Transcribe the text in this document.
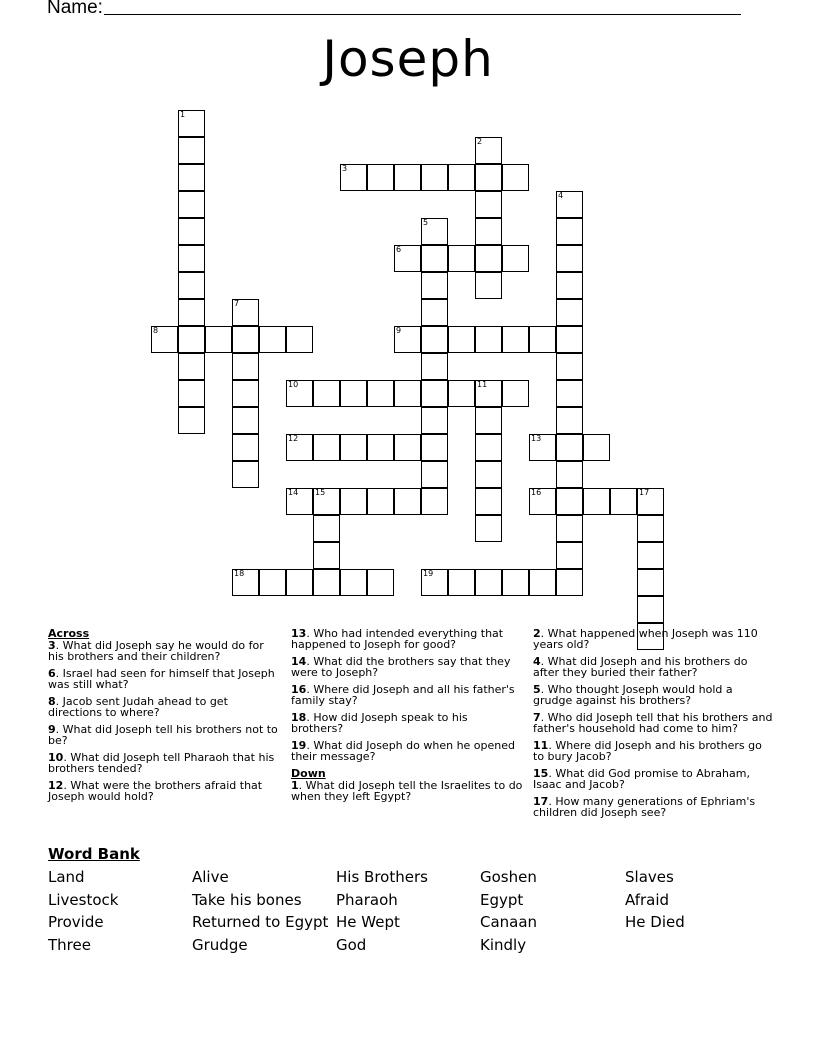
Name:
Joseph
1
2
3
4
5
6
7
8	9
10	11
12	13
14 15	16	17
18	19
Across
3. What did Joseph say he would do for his brothers and their children?
6. Israel had seen for himself that Joseph was still what?
8. Jacob sent Judah ahead to get directions to where?
9. What did Joseph tell his brothers not to be?
10. What did Joseph tell Pharaoh that his brothers tended?
12. What were the brothers afraid that Joseph would hold?
13. Who had intended everything that happened to Joseph for good?
14. What did the brothers say that they were to Joseph?
16. Where did Joseph and all his father's family stay?
18. How did Joseph speak to his brothers?
19. What did Joseph do when he opened their message?
Down
1. What did Joseph tell the Israelites to do when they left Egypt?
2. What happened when Joseph was 110 years old?
4. What did Joseph and his brothers do after they buried their father?
5. Who thought Joseph would hold a grudge against his brothers?
7. Who did Joseph tell that his brothers and father's household had come to him?
11. Where did Joseph and his brothers go to bury Jacob?
15. What did God promise to Abraham, Isaac and Jacob?
17. How many generations of Ephriam's children did Joseph see?
Word Bank
Land
Livestock
Provide
Three
Alive
Take his bones
Returned to Egypt
Grudge
His Brothers
Pharaoh
He Wept
God
Goshen
Egypt
Canaan
Kindly
Slaves
Afraid
He Died
